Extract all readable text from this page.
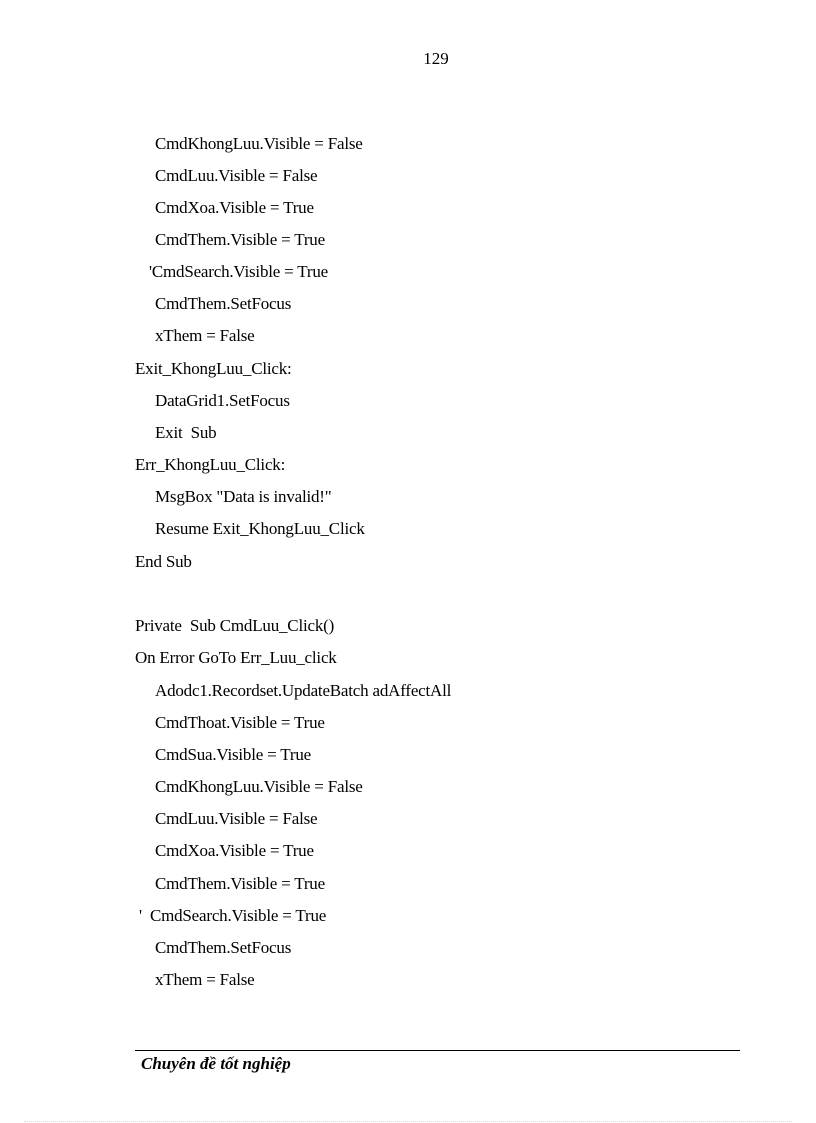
129
CmdKhongLuu.Visible = False
CmdLuu.Visible = False
CmdXoa.Visible = True
CmdThem.Visible = True
'CmdSearch.Visible = True
CmdThem.SetFocus
xThem = False
Exit_KhongLuu_Click:
DataGrid1.SetFocus
Exit  Sub
Err_KhongLuu_Click:
MsgBox "Data is invalid!"
Resume Exit_KhongLuu_Click
End Sub
Private  Sub CmdLuu_Click()
On Error GoTo Err_Luu_click
Adodc1.Recordset.UpdateBatch adAffectAll
CmdThoat.Visible = True
CmdSua.Visible = True
CmdKhongLuu.Visible = False
CmdLuu.Visible = False
CmdXoa.Visible = True
CmdThem.Visible = True
'  CmdSearch.Visible = True
CmdThem.SetFocus
xThem = False
Chuyên đề tốt nghiệp
